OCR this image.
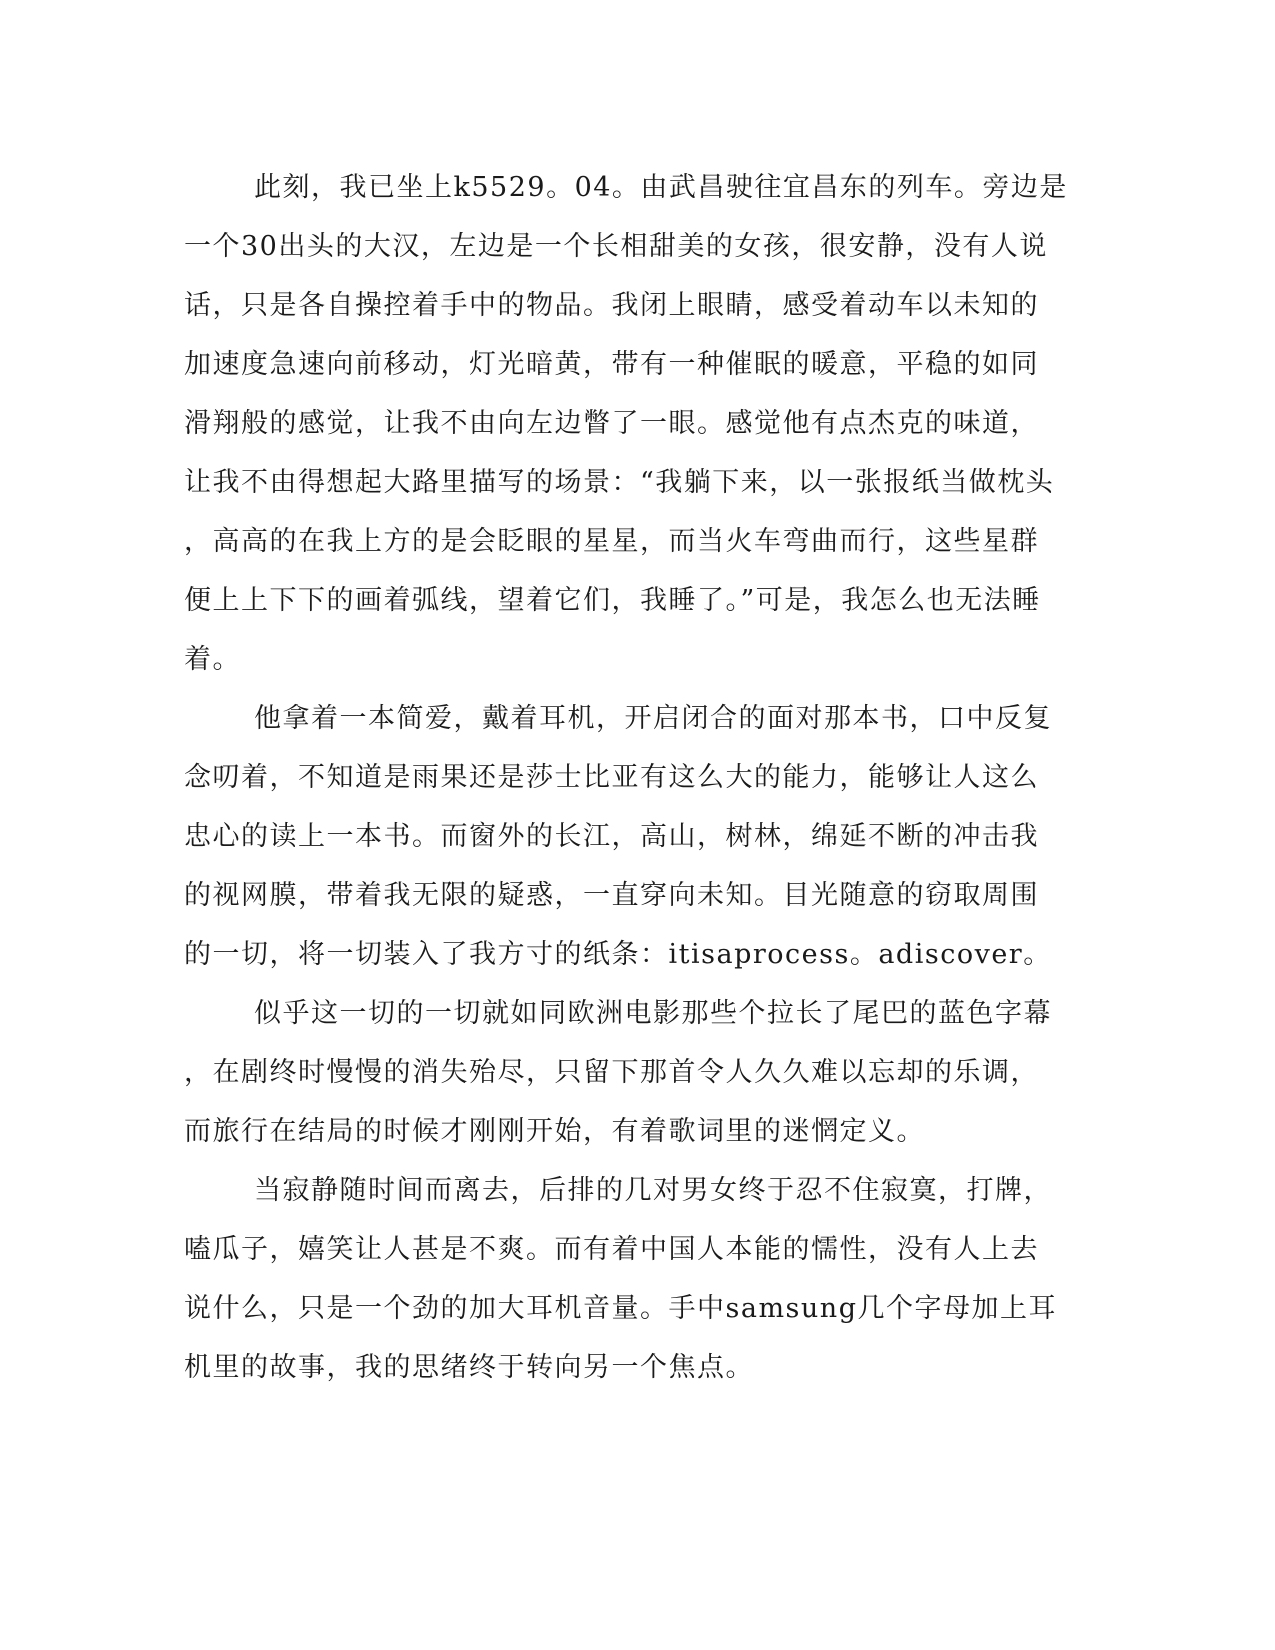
此刻，我已坐上k5529。04。由武昌驶往宜昌东的列车。旁边是
一个30出头的大汉，左边是一个长相甜美的女孩，很安静，没有人说
话，只是各自操控着手中的物品。我闭上眼睛，感受着动车以未知的
加速度急速向前移动，灯光暗黄，带有一种催眠的暖意，平稳的如同
滑翔般的感觉，让我不由向左边瞥了一眼。感觉他有点杰克的味道，
让我不由得想起大路里描写的场景：“我躺下来，以一张报纸当做枕头
，高高的在我上方的是会眨眼的星星，而当火车弯曲而行，这些星群
便上上下下的画着弧线，望着它们，我睡了。”可是，我怎么也无法睡
着。
他拿着一本简爱，戴着耳机，开启闭合的面对那本书，口中反复
念叨着，不知道是雨果还是莎士比亚有这么大的能力，能够让人这么
忠心的读上一本书。而窗外的长江，高山，树林，绵延不断的冲击我
的视网膜，带着我无限的疑惑，一直穿向未知。目光随意的窃取周围
的一切，将一切装入了我方寸的纸条：itisaprocess。adiscover。
似乎这一切的一切就如同欧洲电影那些个拉长了尾巴的蓝色字幕
，在剧终时慢慢的消失殆尽，只留下那首令人久久难以忘却的乐调，
而旅行在结局的时候才刚刚开始，有着歌词里的迷惘定义。
当寂静随时间而离去，后排的几对男女终于忍不住寂寞，打牌，
嗑瓜子，嬉笑让人甚是不爽。而有着中国人本能的懦性，没有人上去
说什么，只是一个劲的加大耳机音量。手中samsung几个字母加上耳
机里的故事，我的思绪终于转向另一个焦点。
